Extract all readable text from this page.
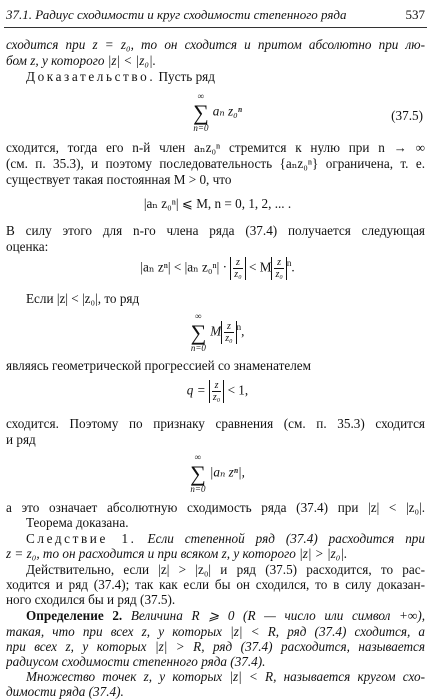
37.1. Радиус сходимости и круг сходимости степенного ряда	537
сходится при z = z₀, то он сходится и притом абсолютно при лю-
бом z, у которого |z| < |z₀|.
Доказательство. Пусть ряд
∞
∑
n=0
aₙ z₀ⁿ	(37.5)
сходится, тогда его n-й член aₙz₀ⁿ стремится к нулю при n → ∞
(см. п. 35.3), и поэтому последовательность {aₙz₀ⁿ} ограничена, т. е.
существует такая постоянная M > 0, что
|aₙ z₀ⁿ| ⩽ M, n = 0, 1, 2, ... .
В силу этого для n-го члена ряда (37.4) получается следующая
оценка:
|aₙ zⁿ| < |aₙ $z_0^n| \cdot \frac{z}{\text{z₀}} < M \frac{z}{\text{z₀}} ^n$.
Если |z| < |z₀|, то ряд
∞
∑
n=0
M $\frac{z}{\text{z₀}} ^n$,
являясь геометрической прогрессией со знаменателем
$q = \frac{z}{\text{z₀}} < 1$,
сходится. Поэтому по признаку сравнения (см. п. 35.3) сходится
и ряд
∞
∑
n=0
|aₙ zⁿ|,
а это означает абсолютную сходимость ряда (37.4) при |z| < |z₀|.
Теорема доказана.
Следствие 1. Если степенной ряд (37.4) расходится при
z = z₀, то он расходится и при всяком z, у которого |z| > |z₀|.
Действительно, если |z| > |z₀| и ряд (37.5) расходится, то рас-
ходится и ряд (37.4); так как если бы он сходился, то в силу доказан-
ного сходился бы и ряд (37.5).
Определение 2. Величина R ⩾ 0 (R — число или символ +∞),
такая, что при всех z, у которых |z| < R, ряд (37.4) сходится, а
при всех z, у которых |z| > R, ряд (37.4) расходится, называется
радиусом сходимости степенного ряда (37.4).
Множество точек z, у которых |z| < R, называется кругом схо-
димости ряда (37.4).
